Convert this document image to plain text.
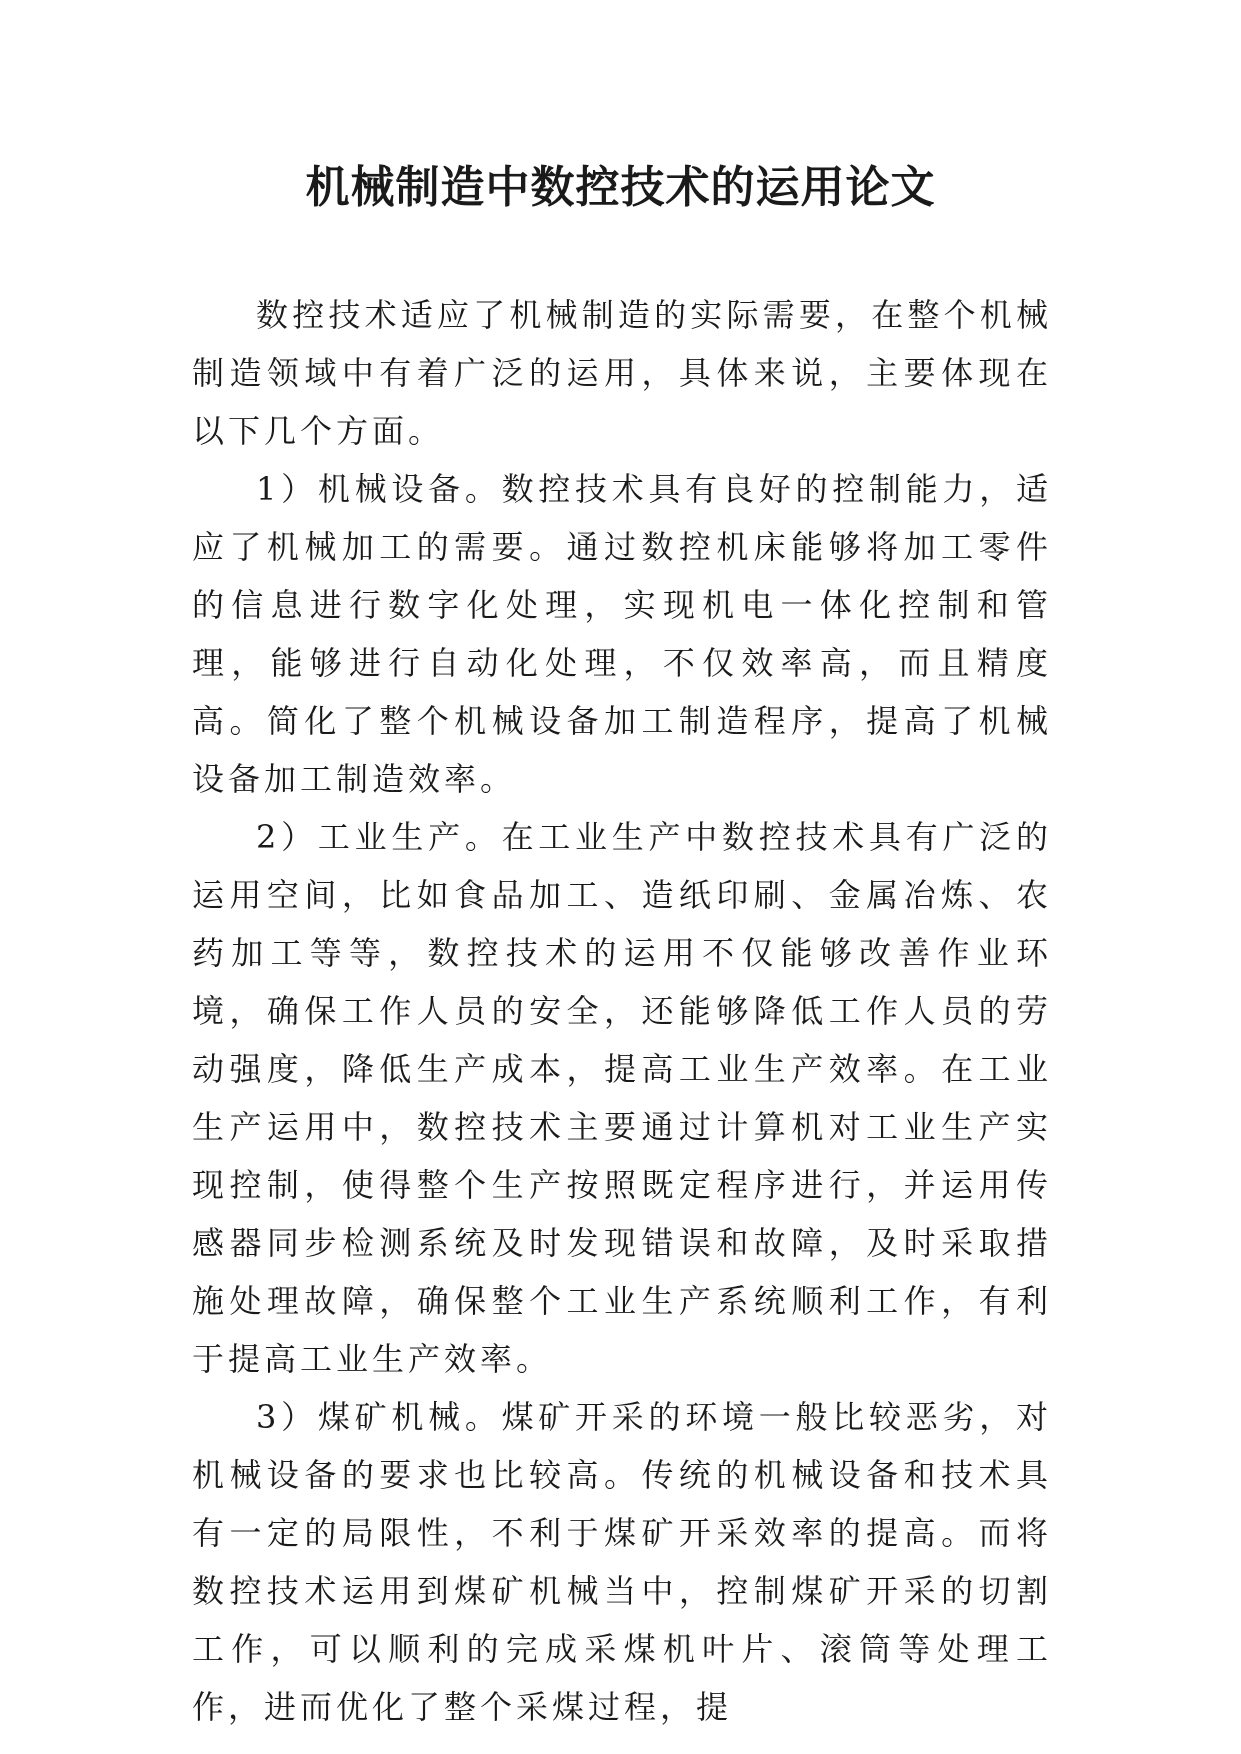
机械制造中数控技术的运用论文

数控技术适应了机械制造的实际需要，在整个机械制造领域中有着广泛的运用，具体来说，主要体现在以下几个方面。

1）机械设备。数控技术具有良好的控制能力，适应了机械加工的需要。通过数控机床能够将加工零件的信息进行数字化处理，实现机电一体化控制和管理，能够进行自动化处理，不仅效率高，而且精度高。简化了整个机械设备加工制造程序，提高了机械设备加工制造效率。

2）工业生产。在工业生产中数控技术具有广泛的运用空间，比如食品加工、造纸印刷、金属冶炼、农药加工等等，数控技术的运用不仅能够改善作业环境，确保工作人员的安全，还能够降低工作人员的劳动强度，降低生产成本，提高工业生产效率。在工业生产运用中，数控技术主要通过计算机对工业生产实现控制，使得整个生产按照既定程序进行，并运用传感器同步检测系统及时发现错误和故障，及时采取措施处理故障，确保整个工业生产系统顺利工作，有利于提高工业生产效率。

3）煤矿机械。煤矿开采的环境一般比较恶劣，对机械设备的要求也比较高。传统的机械设备和技术具有一定的局限性，不利于煤矿开采效率的提高。而将数控技术运用到煤矿机械当中，控制煤矿开采的切割工作，可以顺利的完成采煤机叶片、滚筒等处理工作，进而优化了整个采煤过程，提
